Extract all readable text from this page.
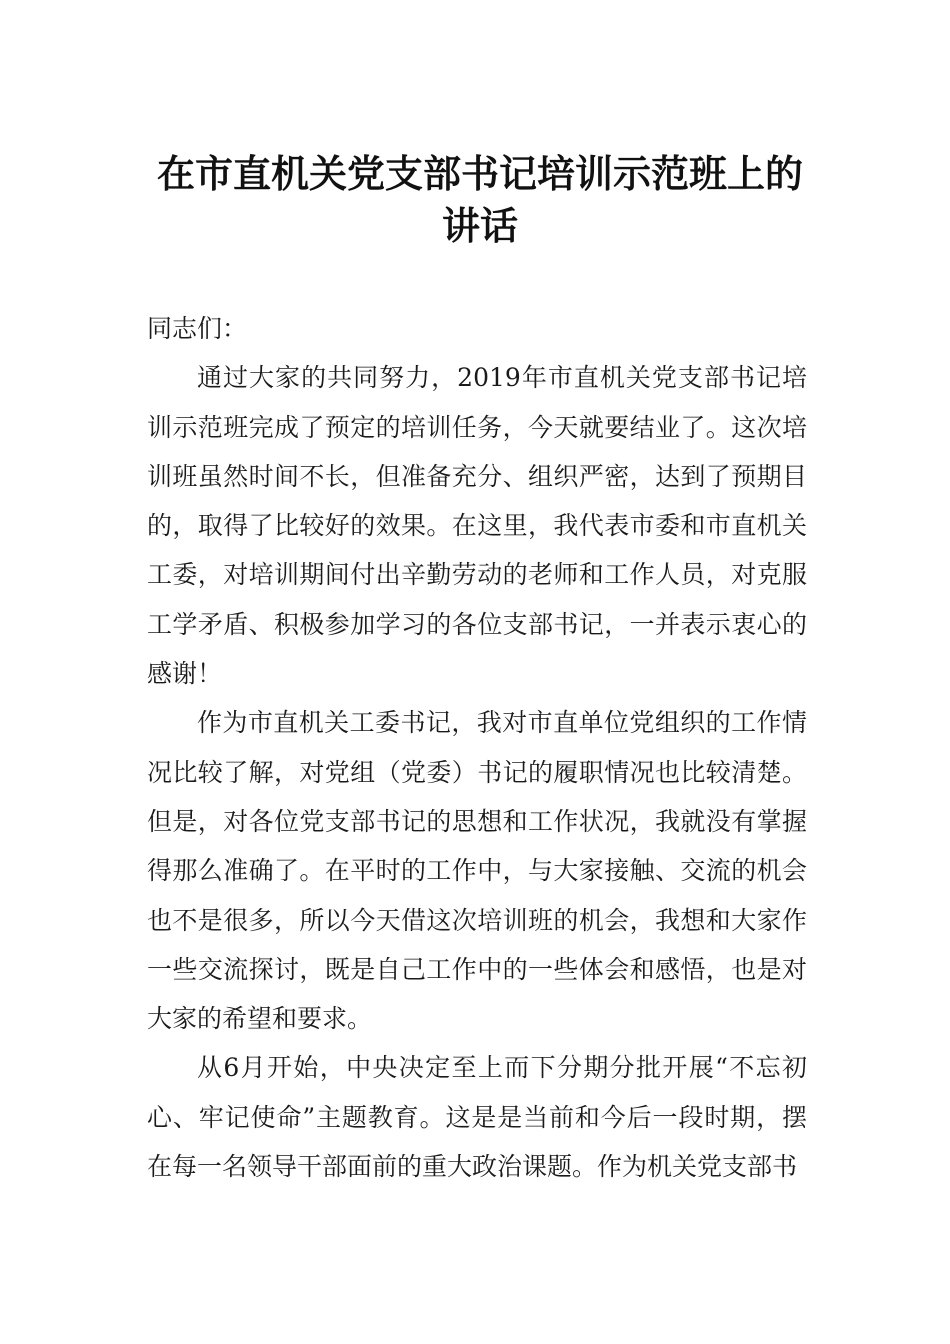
在市直机关党支部书记培训示范班上的讲话

同志们：

通过大家的共同努力，2019年市直机关党支部书记培训示范班完成了预定的培训任务，今天就要结业了。这次培训班虽然时间不长，但准备充分、组织严密，达到了预期目的，取得了比较好的效果。在这里，我代表市委和市直机关工委，对培训期间付出辛勤劳动的老师和工作人员，对克服工学矛盾、积极参加学习的各位支部书记，一并表示衷心的感谢！

作为市直机关工委书记，我对市直单位党组织的工作情况比较了解，对党组（党委）书记的履职情况也比较清楚。但是，对各位党支部书记的思想和工作状况，我就没有掌握得那么准确了。在平时的工作中，与大家接触、交流的机会也不是很多，所以今天借这次培训班的机会，我想和大家作一些交流探讨，既是自己工作中的一些体会和感悟，也是对大家的希望和要求。

从6月开始，中央决定至上而下分期分批开展“不忘初心、牢记使命”主题教育。这是是当前和今后一段时期，摆在每一名领导干部面前的重大政治课题。作为机关党支部书
